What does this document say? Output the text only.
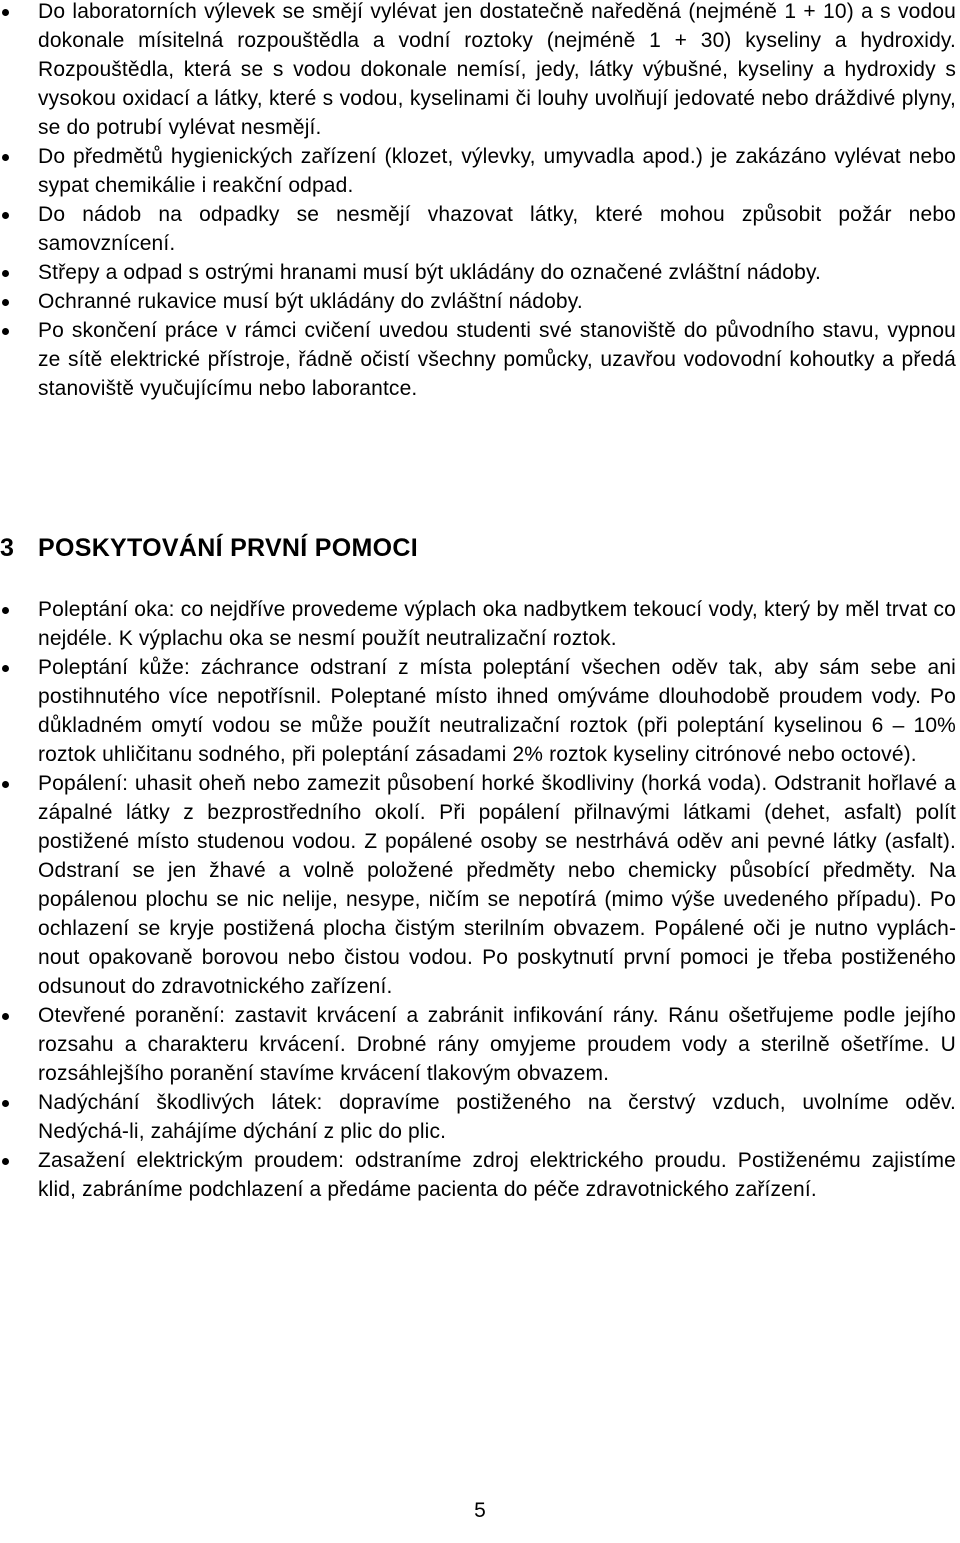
Do laboratorních výlevek se smějí vylévat jen dostatečně naředěná (nejméně 1 + 10) a s vodou dokonale mísitelná rozpouštědla a vodní roztoky (nejméně 1 + 30) kyseliny a hydroxidy. Rozpouštědla, která se s vodou dokonale nemísí, jedy, látky výbušné, kyseliny a hydroxidy s vysokou oxidací a látky, které s vodou, kyselinami či louhy uvolňují jedovaté nebo dráždivé plyny, se do potrubí vylévat nesmějí.
Do předmětů hygienických zařízení (klozet, výlevky, umyvadla apod.) je zakázáno vylévat nebo sypat chemikálie i reakční odpad.
Do nádob na odpadky se nesmějí vhazovat látky, které mohou způsobit požár nebo samovznícení.
Střepy a odpad s ostrými hranami musí být ukládány do označené zvláštní nádoby.
Ochranné rukavice musí být ukládány do zvláštní nádoby.
Po skončení práce v rámci cvičení uvedou studenti své stanoviště do původního stavu, vypnou ze sítě elektrické přístroje, řádně očistí všechny pomůcky, uzavřou vodovodní kohoutky a předá stanoviště vyučujícímu nebo laborantce.
3 POSKYTOVÁNÍ PRVNÍ POMOCI
Poleptání oka: co nejdříve provedeme výplach oka nadbytkem tekoucí vody, který by měl trvat co nejdéle. K výplachu oka se nesmí použít neutralizační roztok.
Poleptání kůže: záchrance odstraní z místa poleptání všechen oděv tak, aby sám sebe ani postihnutého více nepotřísnil. Poleptané místo ihned omýváme dlouhodobě proudem vody. Po důkladném omytí vodou se může použít neutralizační roztok (při poleptání kyselinou 6 – 10% roztok uhličitanu sodného, při poleptání zásadami 2% roztok kyseliny citrónové nebo octové).
Popálení: uhasit oheň nebo zamezit působení horké škodliviny (horká voda). Odstranit hořlavé a zápalné látky z bezprostředního okolí. Při popálení přilnavými látkami (dehet, asfalt) polít postižené místo studenou vodou. Z popálené osoby se nestrhává oděv ani pevné látky (asfalt). Odstraní se jen žhavé a volně položené předměty nebo chemicky působící předměty. Na popálenou plochu se nic nelije, nesype, ničím se nepotírá (mimo výše uvedeného případu). Po ochlazení se kryje postižená plocha čistým sterilním obvazem. Popálené oči je nutno vypláchnout opakovaně borovou nebo čistou vodou. Po poskytnutí první pomoci je třeba postiženého odsunout do zdravotnického zařízení.
Otevřené poranění: zastavit krvácení a zabránit infikování rány. Ránu ošetřujeme podle jejího rozsahu a charakteru krvácení. Drobné rány omyjeme proudem vody a sterilně ošetříme. U rozsáhlejšího poranění stavíme krvácení tlakovým obvazem.
Nadýchání škodlivých látek: dopravíme postiženého na čerstvý vzduch, uvolníme oděv. Nedýchá-li, zahájíme dýchání z plic do plic.
Zasažení elektrickým proudem: odstraníme zdroj elektrického proudu. Postiženému zajistíme klid, zabráníme podchlazení a předáme pacienta do péče zdravotnického zařízení.
5
